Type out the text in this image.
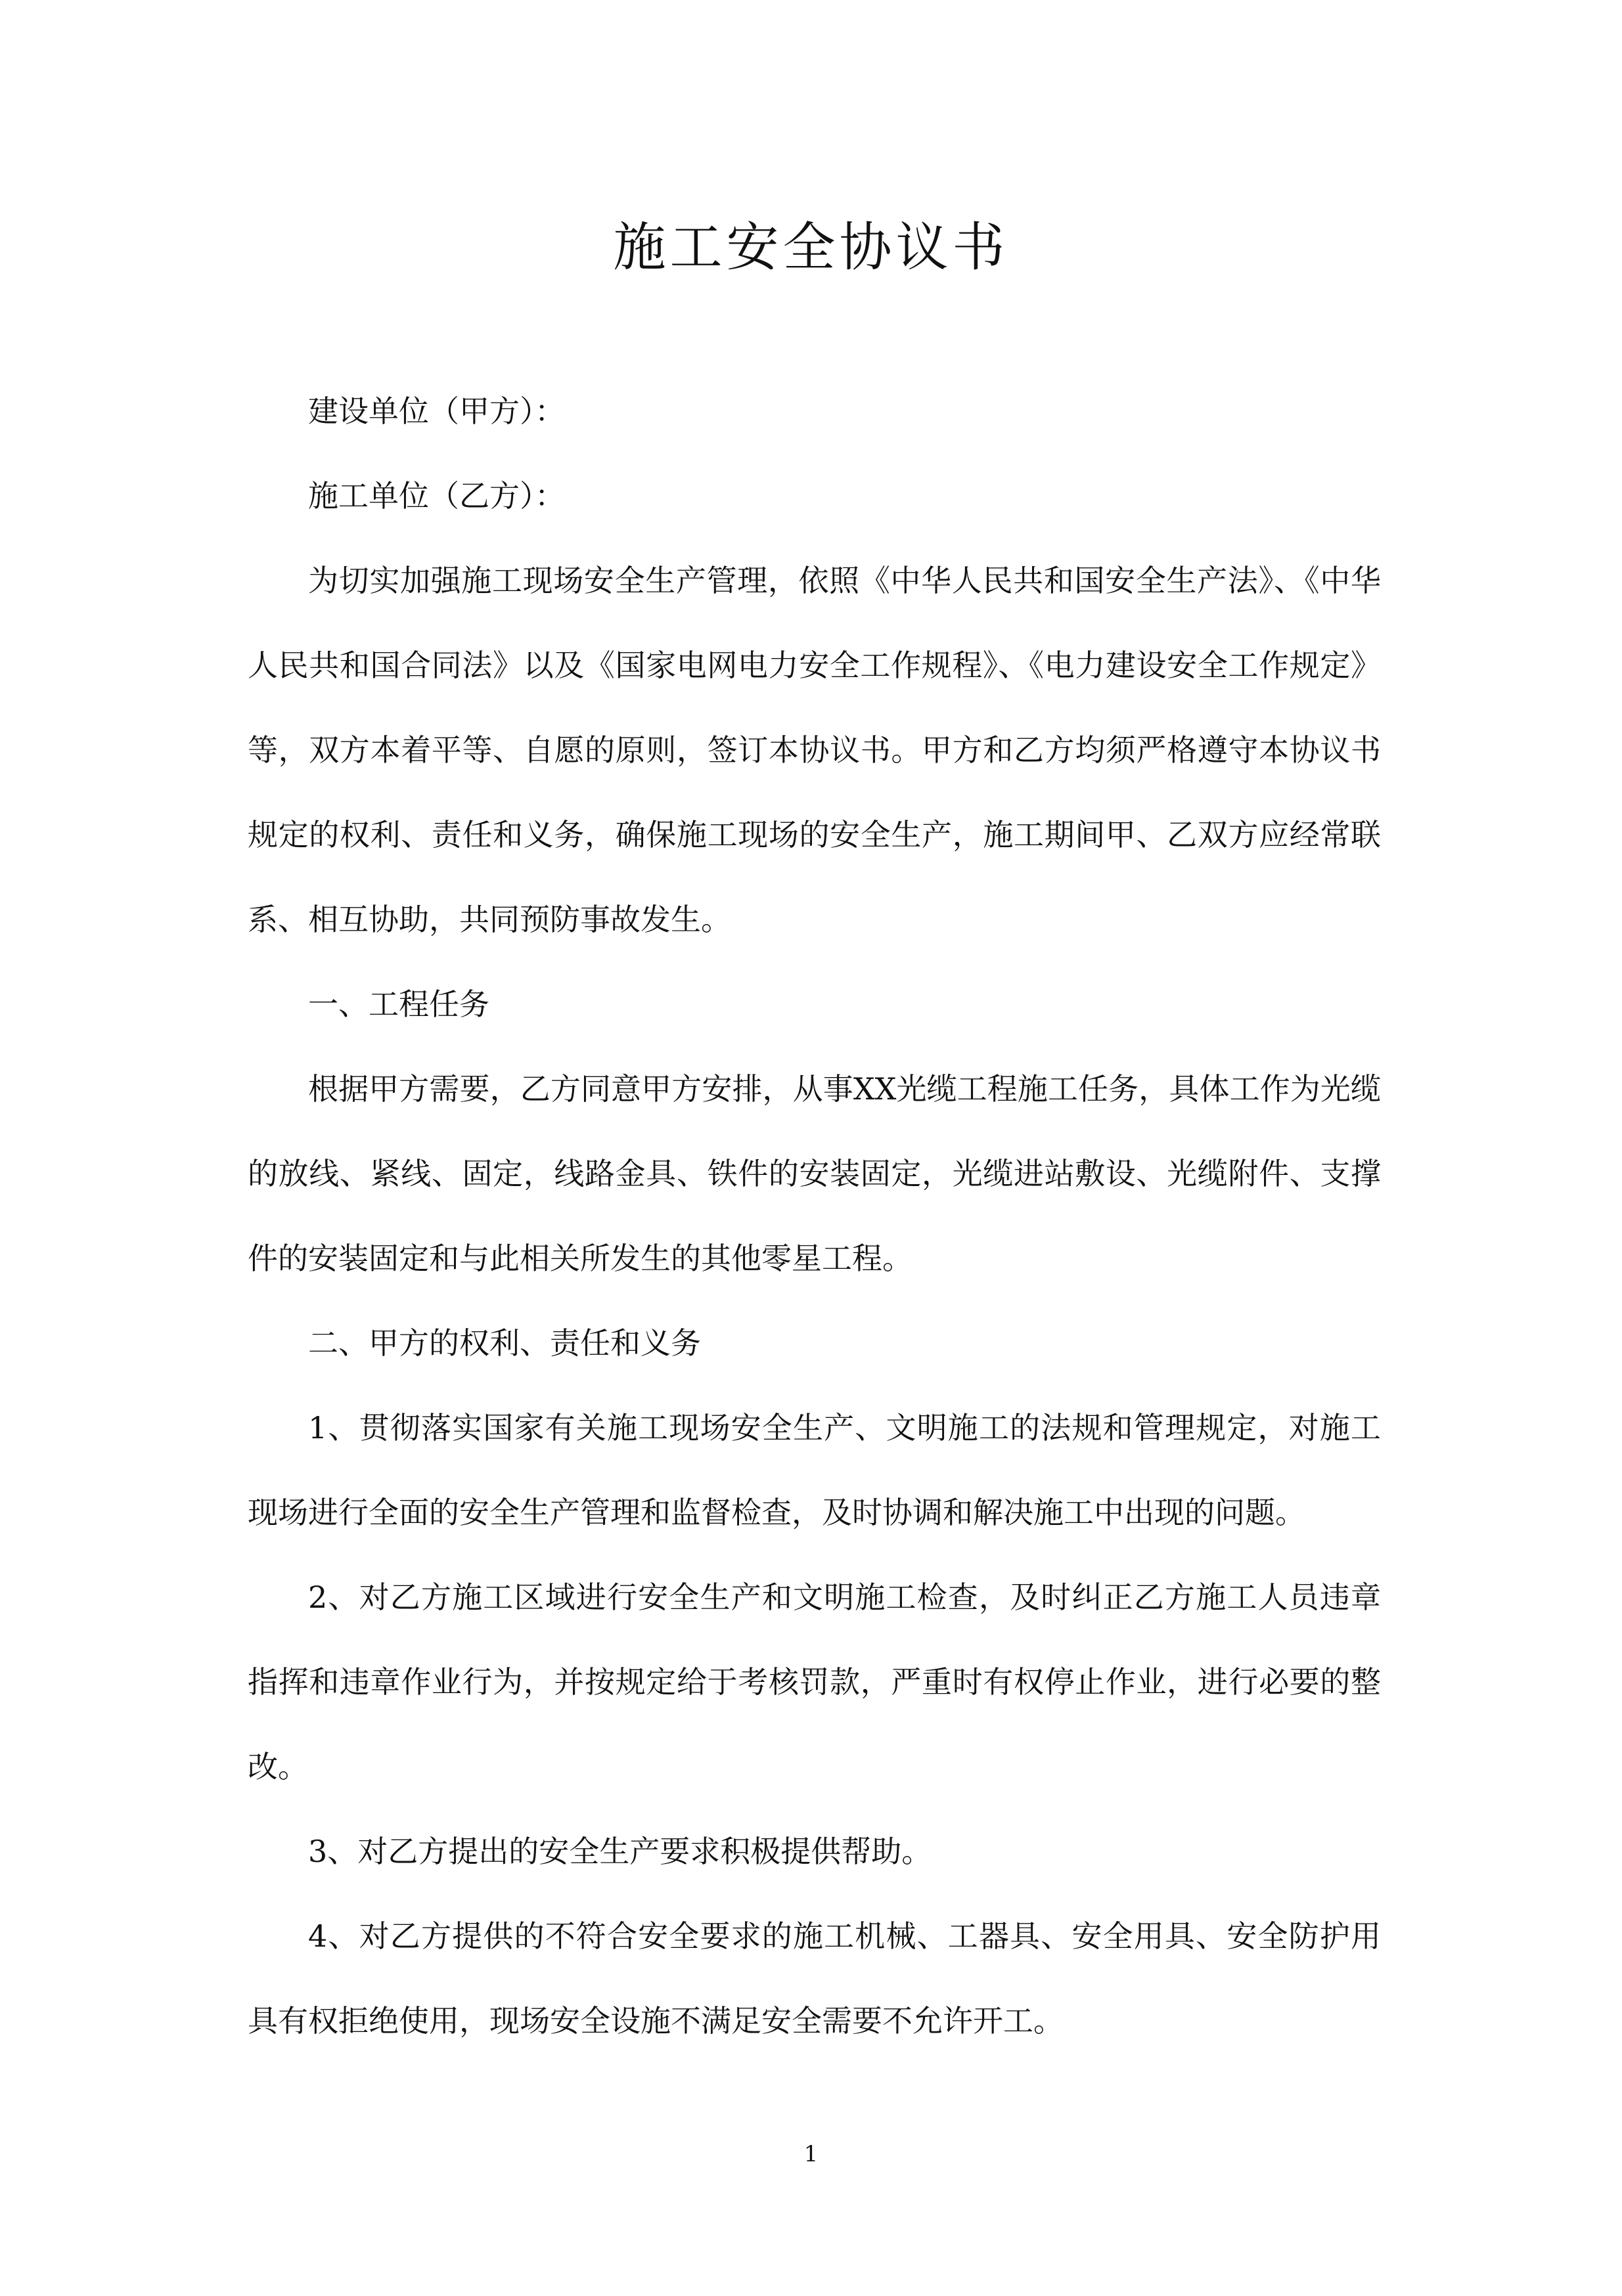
施工安全协议书

建设单位（甲方）：

施工单位（乙方）：

为切实加强施工现场安全生产管理，依照《中华人民共和国安全生产法》、《中华人民共和国合同法》以及《国家电网电力安全工作规程》、《电力建设安全工作规定》等，双方本着平等、自愿的原则，签订本协议书。甲方和乙方均须严格遵守本协议书规定的权利、责任和义务，确保施工现场的安全生产，施工期间甲、乙双方应经常联系、相互协助，共同预防事故发生。

一、工程任务

根据甲方需要，乙方同意甲方安排，从事XX光缆工程施工任务，具体工作为光缆的放线、紧线、固定，线路金具、铁件的安装固定，光缆进站敷设、光缆附件、支撑件的安装固定和与此相关所发生的其他零星工程。

二、甲方的权利、责任和义务

1、贯彻落实国家有关施工现场安全生产、文明施工的法规和管理规定，对施工现场进行全面的安全生产管理和监督检查，及时协调和解决施工中出现的问题。

2、对乙方施工区域进行安全生产和文明施工检查，及时纠正乙方施工人员违章指挥和违章作业行为，并按规定给于考核罚款，严重时有权停止作业，进行必要的整改。

3、对乙方提出的安全生产要求积极提供帮助。

4、对乙方提供的不符合安全要求的施工机械、工器具、安全用具、安全防护用具有权拒绝使用，现场安全设施不满足安全需要不允许开工。

1
